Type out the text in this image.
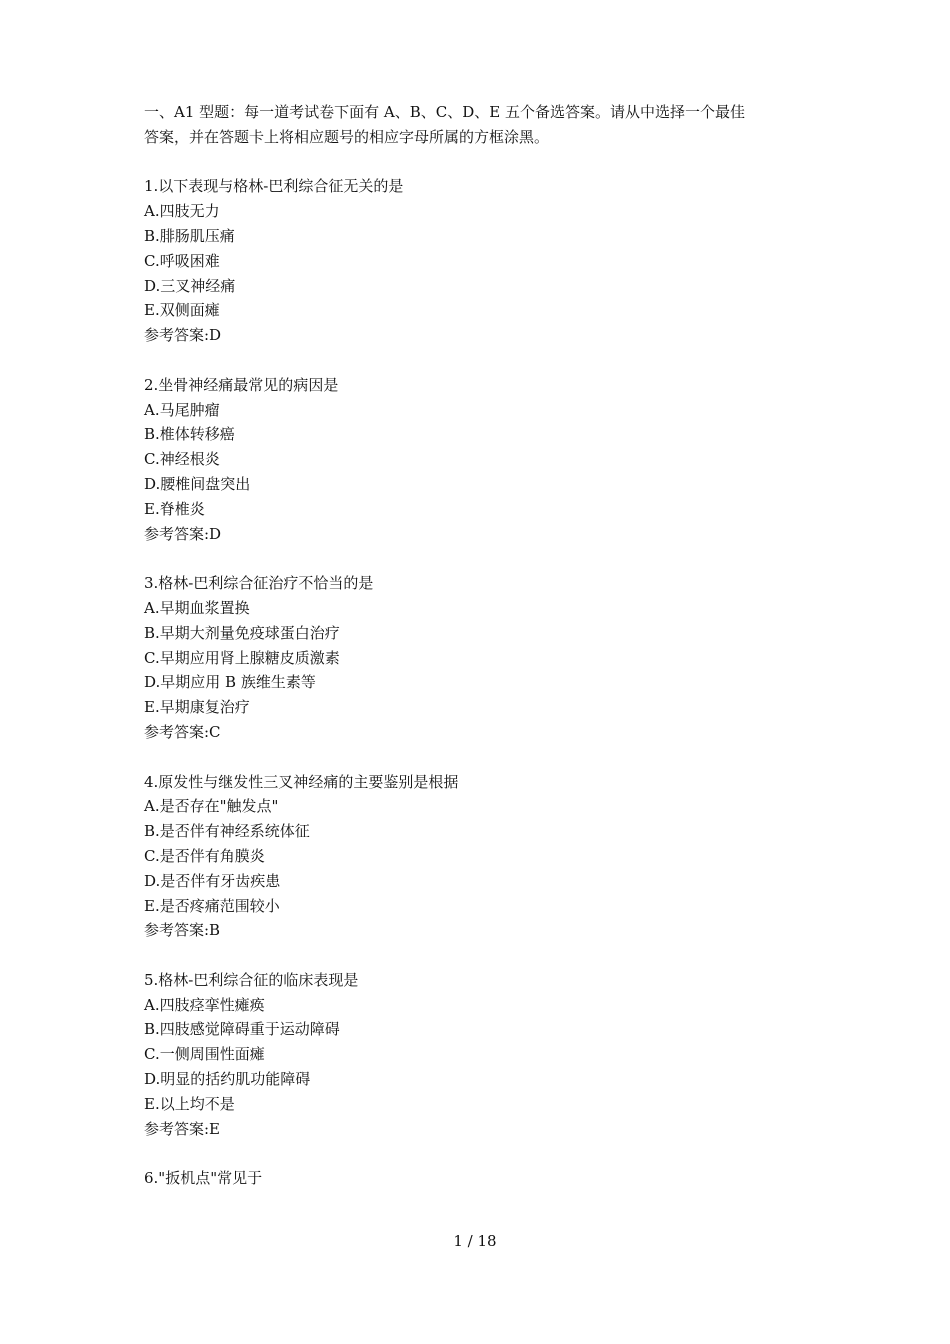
一、A1 型题：每一道考试卷下面有 A、B、C、D、E 五个备选答案。请从中选择一个最佳

答案，并在答题卡上将相应题号的相应字母所属的方框涂黑。

1.以下表现与格林-巴利综合征无关的是

A.四肢无力

B.腓肠肌压痛

C.呼吸困难

D.三叉神经痛

E.双侧面瘫

参考答案:D

2.坐骨神经痛最常见的病因是

A.马尾肿瘤

B.椎体转移癌

C.神经根炎

D.腰椎间盘突出

E.脊椎炎

参考答案:D

3.格林-巴利综合征治疗不恰当的是

A.早期血浆置换

B.早期大剂量免疫球蛋白治疗

C.早期应用肾上腺糖皮质激素

D.早期应用 B 族维生素等

E.早期康复治疗

参考答案:C

4.原发性与继发性三叉神经痛的主要鉴别是根据

A.是否存在"触发点"

B.是否伴有神经系统体征

C.是否伴有角膜炎

D.是否伴有牙齿疾患

E.是否疼痛范围较小

参考答案:B

5.格林-巴利综合征的临床表现是

A.四肢痉挛性瘫痪

B.四肢感觉障碍重于运动障碍

C.一侧周围性面瘫

D.明显的括约肌功能障碍

E.以上均不是

参考答案:E

6."扳机点"常见于

1 / 18
